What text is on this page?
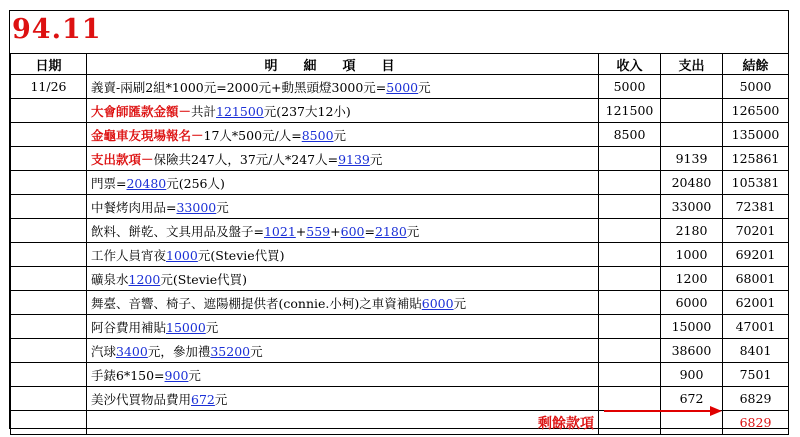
94.11
日期	明細項目	收入	支出	結餘
11/26	義賣-兩刷2組*1000元=2000元+動黑頭燈3000元=5000元	5000		5000
	大會師匯款金額－共計121500元(237大12小)	121500		126500
	金龜車友現場報名－17人*500元/人=8500元	8500		135000
	支出款項－保險共247人，37元/人*247人=9139元		9139	125861
	門票=20480元(256人)		20480	105381
	中餐烤肉用品=33000元		33000	72381
	飲料、餅乾、文具用品及盤子=1021+559+600=2180元		2180	70201
	工作人員宵夜1000元(Stevie代買)		1000	69201
	礦泉水1200元(Stevie代買)		1200	68001
	舞臺、音響、椅子、遮陽棚提供者(connie.小柯)之車資補貼6000元		6000	62001
	阿谷費用補貼15000元		15000	47001
	汽球3400元，參加禮35200元		38600	8401
	手錶6*150=900元		900	7501
	美沙代買物品費用672元		672	6829
	剩餘款項			6829
